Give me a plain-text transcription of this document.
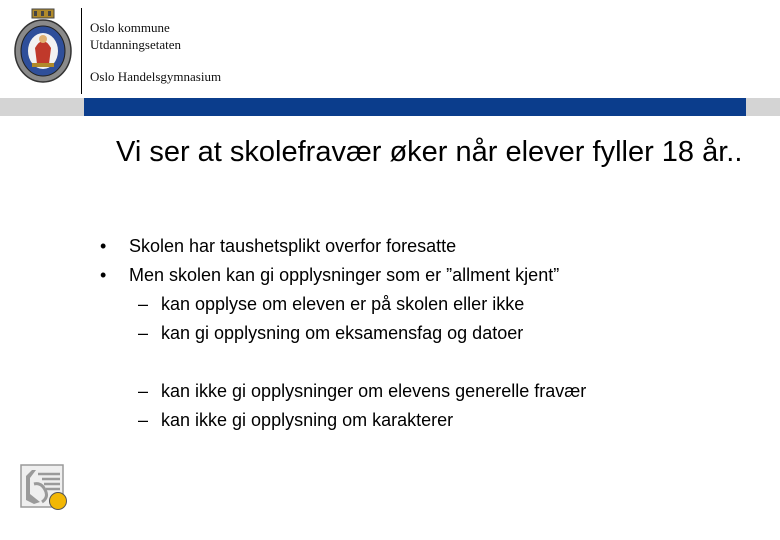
Oslo kommune
Utdanningsetaten
Oslo Handelsgymnasium
Vi ser at skolefravær øker når elever fyller 18 år..
• Skolen har taushetsplikt overfor foresatte
• Men skolen kan gi opplysninger som er ”allment kjent”
– kan opplyse om eleven er på skolen eller ikke
– kan gi opplysning om eksamensfag og datoer
– kan ikke gi opplysninger om elevens generelle fravær
– kan ikke gi opplysning om karakterer
